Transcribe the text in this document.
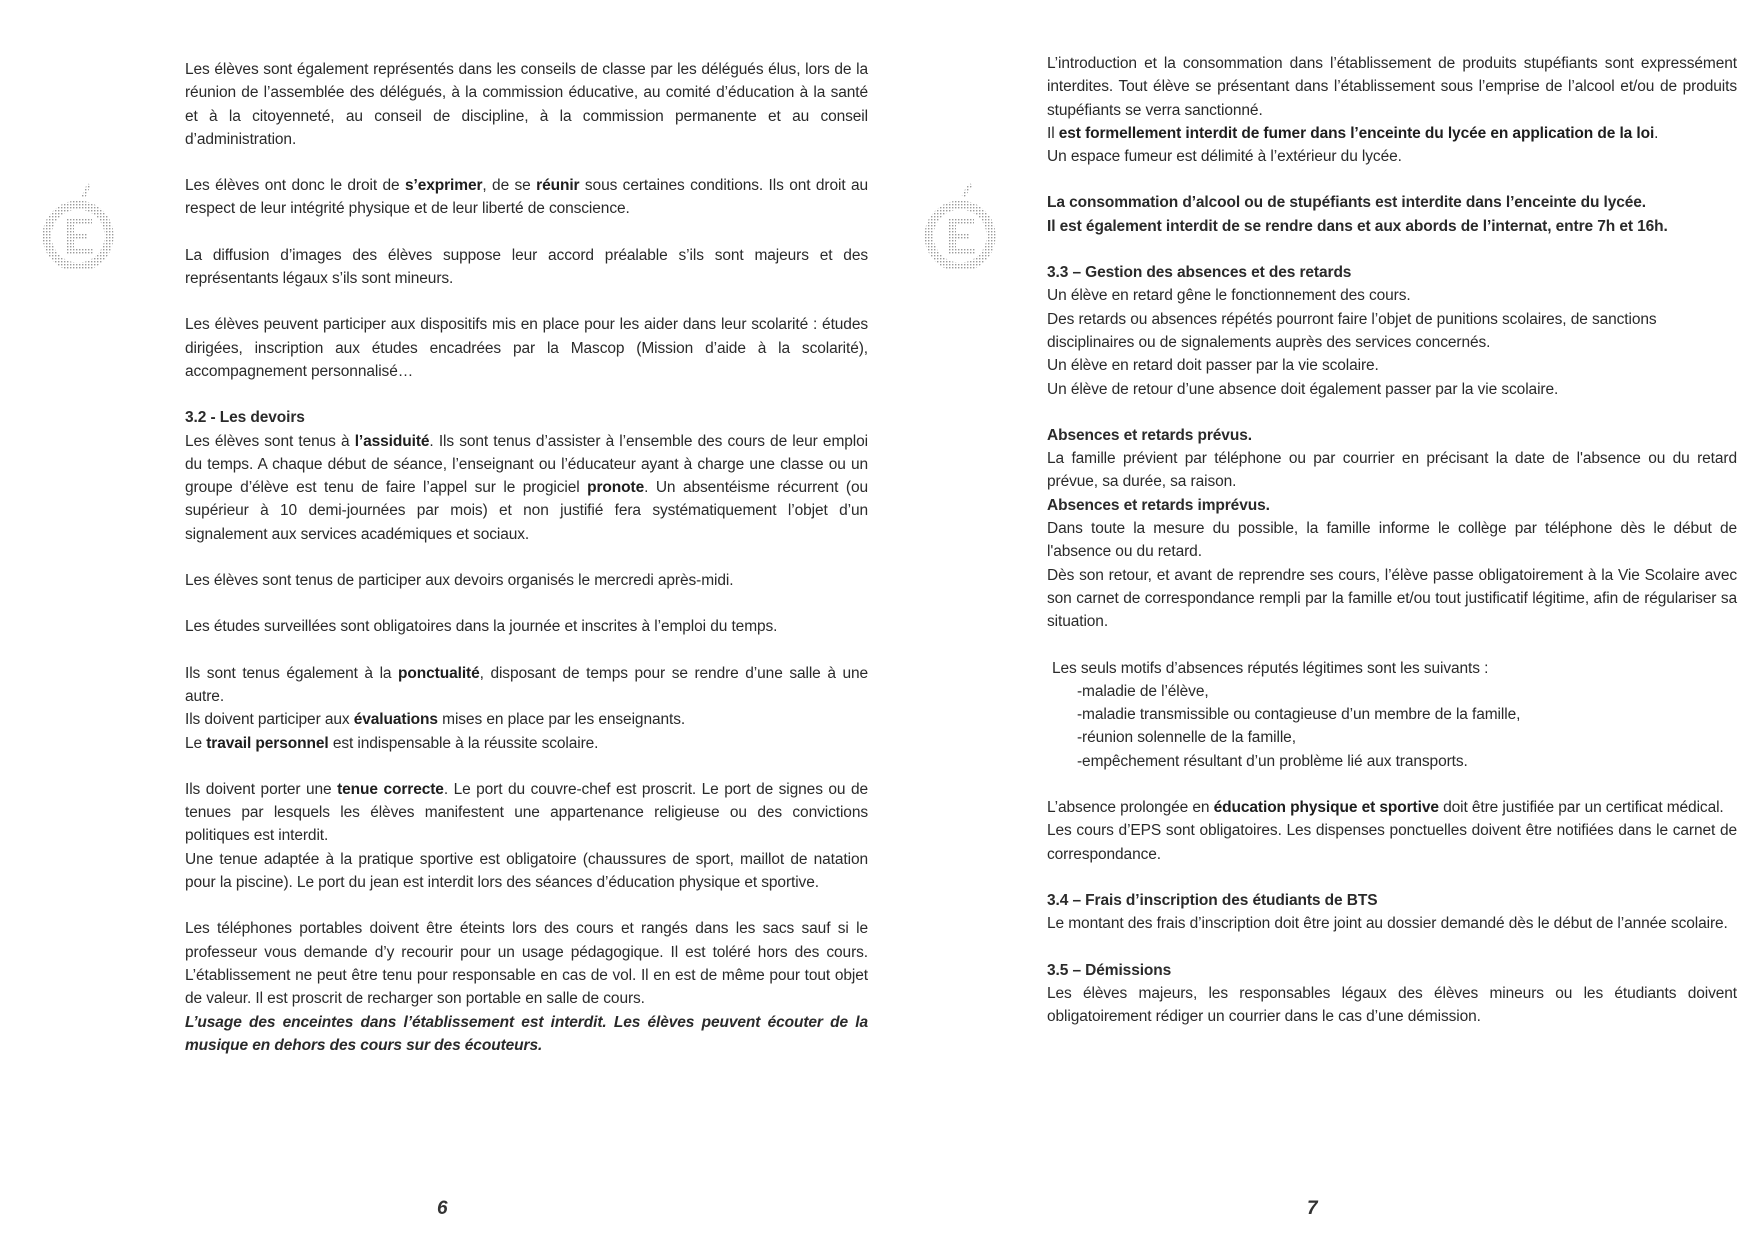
Les élèves sont également représentés dans les conseils de classe par les délégués élus, lors de la réunion de l’assemblée des délégués, à la commission éducative, au comité d’éducation à la santé et à la citoyenneté, au conseil de discipline, à la commission permanente et au conseil d’administration.

Les élèves ont donc le droit de s’exprimer, de se réunir sous certaines conditions. Ils ont droit au respect de leur intégrité physique et de leur liberté de conscience.

La diffusion d’images des élèves suppose leur accord préalable s’ils sont majeurs et des représentants légaux s’ils sont mineurs.

Les élèves peuvent participer aux dispositifs mis en place pour les aider dans leur scolarité : études dirigées, inscription aux études encadrées par la Mascop (Mission d’aide à la scolarité), accompagnement personnalisé…

3.2 - Les devoirs

Les élèves sont tenus à l’assiduité. Ils sont tenus d’assister à l’ensemble des cours de leur emploi du temps. A chaque début de séance, l’enseignant ou l’éducateur ayant à charge une classe ou un groupe d’élève est tenu de faire l’appel sur le progiciel pronote. Un absentéisme récurrent (ou supérieur à 10 demi-journées par mois) et non justifié fera systématiquement l’objet d’un signalement aux services académiques et sociaux.

Les élèves sont tenus de participer aux devoirs organisés le mercredi après-midi.

Les études surveillées sont obligatoires dans la journée et inscrites à l’emploi du temps.

Ils sont tenus également à la ponctualité, disposant de temps pour se rendre d’une salle à une autre.

Ils doivent participer aux évaluations mises en place par les enseignants.

Le travail personnel est indispensable à la réussite scolaire.

Ils doivent porter une tenue correcte. Le port du couvre-chef est proscrit. Le port de signes ou de tenues par lesquels les élèves manifestent une appartenance religieuse ou des convictions politiques est interdit.

Une tenue adaptée à la pratique sportive est obligatoire (chaussures de sport, maillot de natation pour la piscine). Le port du jean est interdit lors des séances d’éducation physique et sportive.

Les téléphones portables doivent être éteints lors des cours et rangés dans les sacs sauf si le professeur vous demande d’y recourir pour un usage pédagogique. Il est toléré hors des cours. L’établissement ne peut être tenu pour responsable en cas de vol. Il en est de même pour tout objet de valeur. Il est proscrit de recharger son portable en salle de cours.

L’usage des enceintes dans l’établissement est interdit. Les élèves peuvent écouter de la musique en dehors des cours sur des écouteurs.

6

L’introduction et la consommation dans l’établissement de produits stupéfiants sont expressément interdites. Tout élève se présentant dans l’établissement sous l’emprise de l’alcool et/ou de produits stupéfiants se verra sanctionné.

Il est formellement interdit de fumer dans l’enceinte du lycée en application de la loi.

Un espace fumeur est délimité à l’extérieur du lycée.

La consommation d’alcool ou de stupéfiants est interdite dans l’enceinte du lycée.

Il est également interdit de se rendre dans et aux abords de l’internat, entre 7h et 16h.

3.3 – Gestion des absences et des retards

Un élève en retard gêne le fonctionnement des cours.

Des retards ou absences répétés pourront faire l’objet de punitions scolaires, de sanctions disciplinaires ou de signalements auprès des services concernés.

Un élève en retard doit passer par la vie scolaire.

Un élève de retour d’une absence doit également passer par la vie scolaire.

Absences et retards prévus.

La famille prévient par téléphone ou par courrier en précisant la date de l'absence ou du retard prévue, sa durée, sa raison.

Absences et retards imprévus.

Dans toute la mesure du possible, la famille informe le collège par téléphone dès le début de l'absence ou du retard.

Dès son retour, et avant de reprendre ses cours, l’élève passe obligatoirement à la Vie Scolaire avec son carnet de correspondance rempli par la famille et/ou tout justificatif légitime, afin de régulariser sa situation.

Les seuls motifs d’absences réputés légitimes sont les suivants :

-maladie de l’élève,

-maladie transmissible ou contagieuse d’un membre de la famille,

-réunion solennelle de la famille,

-empêchement résultant d’un problème lié aux transports.

L’absence prolongée en éducation physique et sportive doit être justifiée par un certificat médical.

Les cours d’EPS sont obligatoires. Les dispenses ponctuelles doivent être notifiées dans le carnet de correspondance.

3.4 – Frais d’inscription des étudiants de BTS

Le montant des frais d’inscription doit être joint au dossier demandé dès le début de l’année scolaire.

3.5 – Démissions

Les élèves majeurs, les responsables légaux des élèves mineurs ou les étudiants doivent obligatoirement rédiger un courrier dans le cas d’une démission.

7
